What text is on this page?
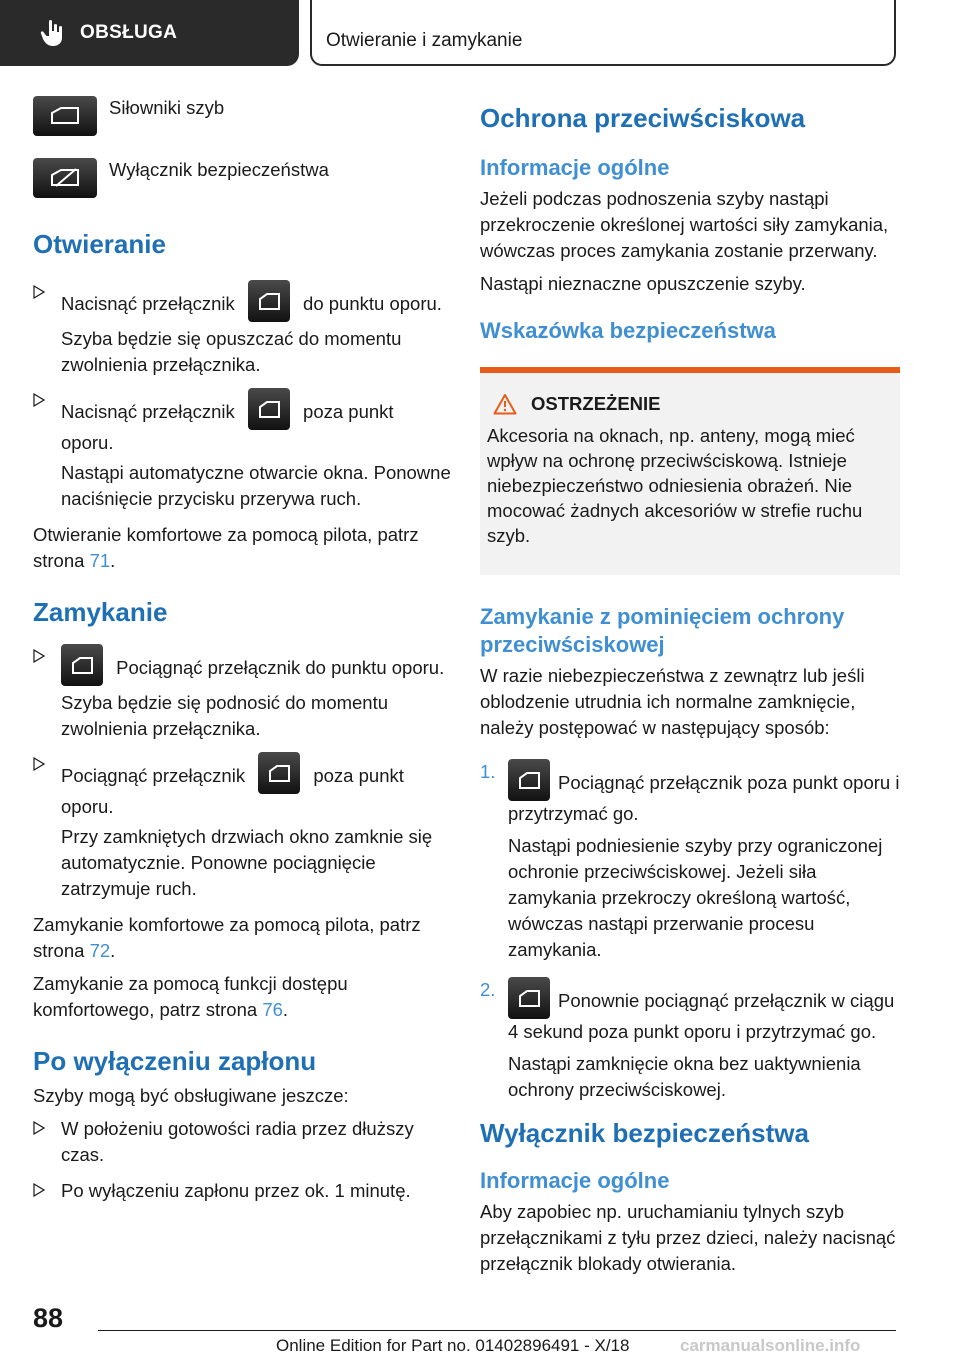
OBSŁUGA	Otwieranie i zamykanie
Siłowniki szyb
Wyłącznik bezpieczeństwa
Otwieranie

Nacisnąć przełącznik	do punktu oporu.

Szyba będzie się opuszczać do momentu zwolnienia przełącznika.

Nacisnąć przełącznik	poza punkt oporu.

Nastąpi automatyczne otwarcie okna. Ponowne naciśnięcie przycisku przerywa ruch.

Otwieranie komfortowe za pomocą pilota, patrz strona 71.

Zamykanie

Pociągnąć przełącznik do punktu oporu.

Szyba będzie się podnosić do momentu zwolnienia przełącznika.

Pociągnąć przełącznik	poza punkt oporu.

Przy zamkniętych drzwiach okno zamknie się automatycznie. Ponowne pociągnięcie zatrzymuje ruch.

Zamykanie komfortowe za pomocą pilota, patrz strona 72.

Zamykanie za pomocą funkcji dostępu komfortowego, patrz strona 76.

Po wyłączeniu zapłonu

Szyby mogą być obsługiwane jeszcze:

W położeniu gotowości radia przez dłuższy czas.

Po wyłączeniu zapłonu przez ok. 1 minutę.

Ochrona przeciwściskowa
Informacje ogólne

Jeżeli podczas podnoszenia szyby nastąpi przekroczenie określonej wartości siły zamykania, wówczas proces zamykania zostanie przerwany.

Nastąpi nieznaczne opuszczenie szyby.

Wskazówka bezpieczeństwa
OSTRZEŻENIE

Akcesoria na oknach, np. anteny, mogą mieć wpływ na ochronę przeciwściskową. Istnieje niebezpieczeństwo odniesienia obrażeń. Nie mocować żadnych akcesoriów w strefie ruchu szyb.

Zamykanie z pominięciem ochrony przeciwściskowej

W razie niebezpieczeństwa z zewnątrz lub jeśli oblodzenie utrudnia ich normalne zamknięcie, należy postępować w następujący sposób:

1.

Pociągnąć przełącznik poza punkt oporu i przytrzymać go.

Nastąpi podniesienie szyby przy ograniczonej ochronie przeciwściskowej. Jeżeli siła zamykania przekroczy określoną wartość, wówczas nastąpi przerwanie procesu zamykania.

2.

Ponownie pociągnąć przełącznik w ciągu 4 sekund poza punkt oporu i przytrzymać go.

Nastąpi zamknięcie okna bez uaktywnienia ochrony przeciwściskowej.

Wyłącznik bezpieczeństwa
Informacje ogólne

Aby zapobiec np. uruchamianiu tylnych szyb przełącznikami z tyłu przez dzieci, należy nacisnąć przełącznik blokady otwierania.

88
Online Edition for Part no. 01402896491 - X/18	carmanualsonline.info
